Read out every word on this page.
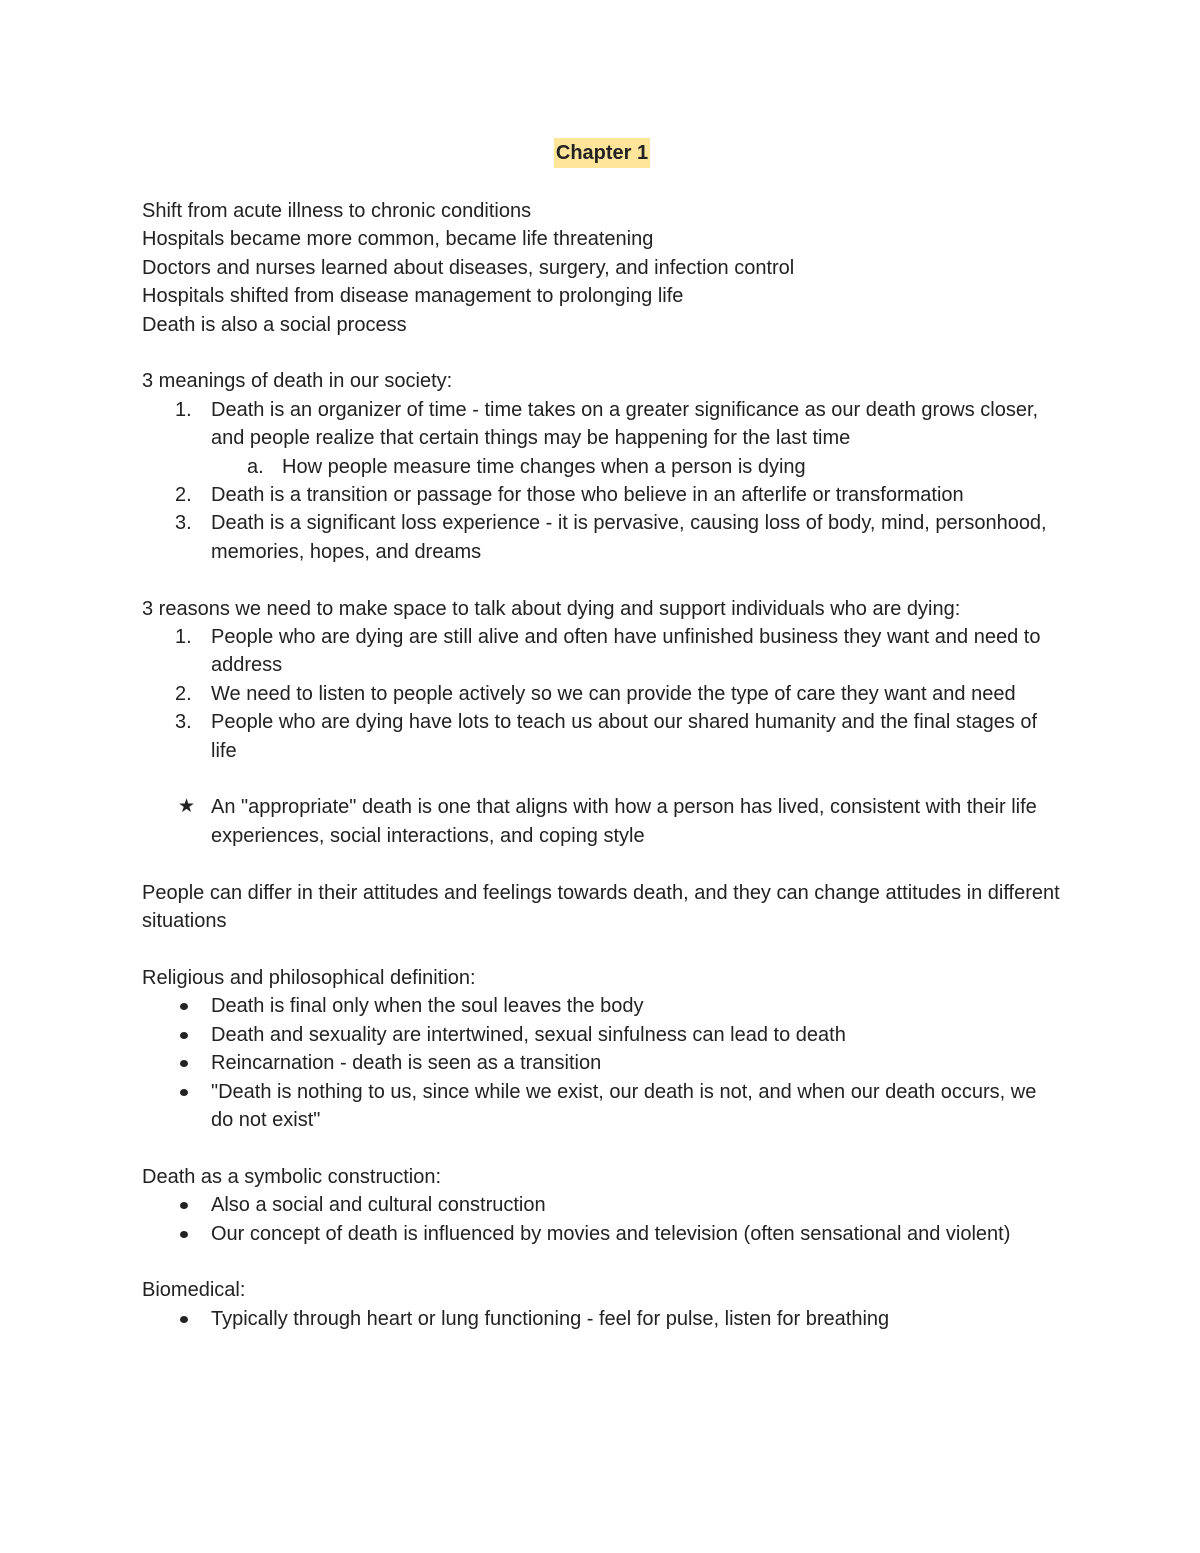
Chapter 1
Shift from acute illness to chronic conditions
Hospitals became more common, became life threatening
Doctors and nurses learned about diseases, surgery, and infection control
Hospitals shifted from disease management to prolonging life
Death is also a social process
3 meanings of death in our society:
1. Death is an organizer of time - time takes on a greater significance as our death grows closer, and people realize that certain things may be happening for the last time
a. How people measure time changes when a person is dying
2. Death is a transition or passage for those who believe in an afterlife or transformation
3. Death is a significant loss experience - it is pervasive, causing loss of body, mind, personhood, memories, hopes, and dreams
3 reasons we need to make space to talk about dying and support individuals who are dying:
1. People who are dying are still alive and often have unfinished business they want and need to address
2. We need to listen to people actively so we can provide the type of care they want and need
3. People who are dying have lots to teach us about our shared humanity and the final stages of life
★ An "appropriate" death is one that aligns with how a person has lived, consistent with their life experiences, social interactions, and coping style
People can differ in their attitudes and feelings towards death, and they can change attitudes in different situations
Religious and philosophical definition:
Death is final only when the soul leaves the body
Death and sexuality are intertwined, sexual sinfulness can lead to death
Reincarnation - death is seen as a transition
"Death is nothing to us, since while we exist, our death is not, and when our death occurs, we do not exist"
Death as a symbolic construction:
Also a social and cultural construction
Our concept of death is influenced by movies and television (often sensational and violent)
Biomedical:
Typically through heart or lung functioning - feel for pulse, listen for breathing
